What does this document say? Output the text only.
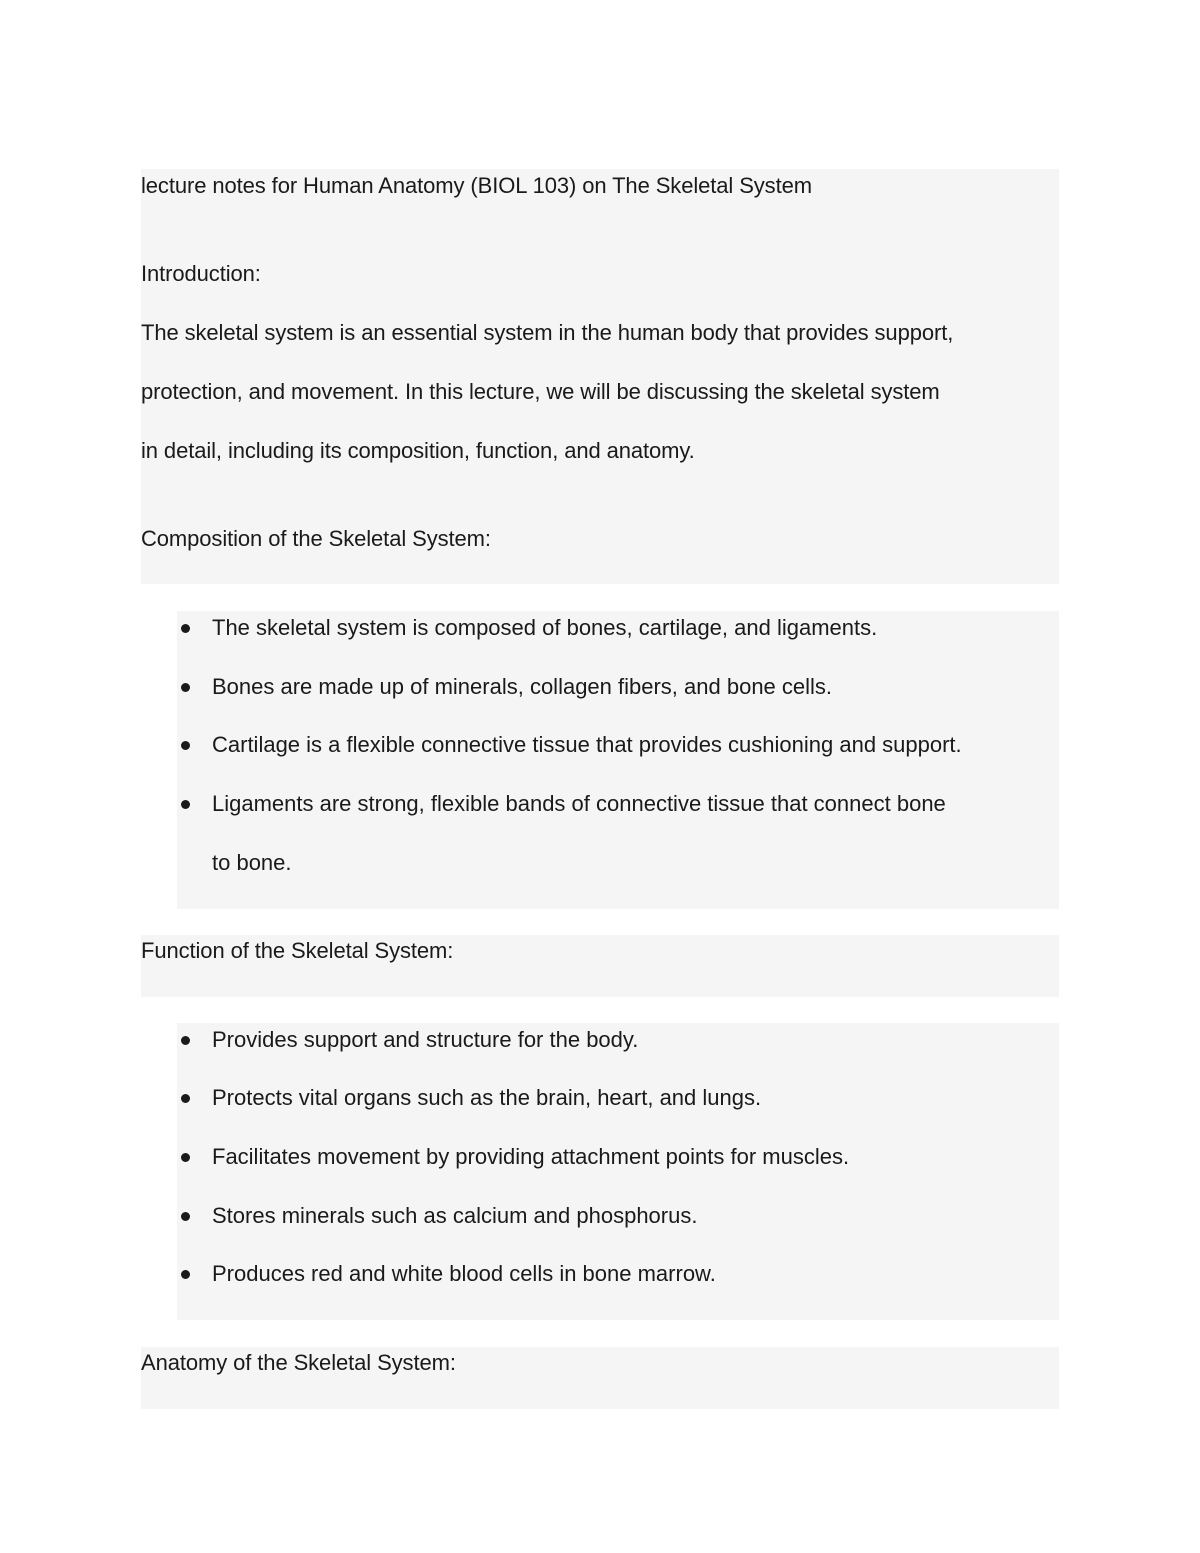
lecture notes for Human Anatomy (BIOL 103) on The Skeletal System
Introduction:
The skeletal system is an essential system in the human body that provides support,
protection, and movement. In this lecture, we will be discussing the skeletal system
in detail, including its composition, function, and anatomy.
Composition of the Skeletal System:
The skeletal system is composed of bones, cartilage, and ligaments.
Bones are made up of minerals, collagen fibers, and bone cells.
Cartilage is a flexible connective tissue that provides cushioning and support.
Ligaments are strong, flexible bands of connective tissue that connect bone
to bone.
Function of the Skeletal System:
Provides support and structure for the body.
Protects vital organs such as the brain, heart, and lungs.
Facilitates movement by providing attachment points for muscles.
Stores minerals such as calcium and phosphorus.
Produces red and white blood cells in bone marrow.
Anatomy of the Skeletal System:
